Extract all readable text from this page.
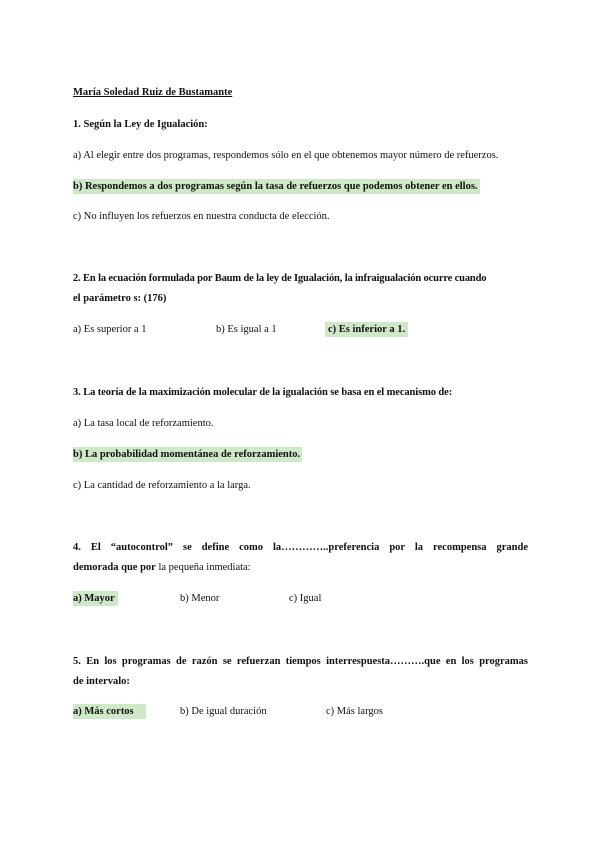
María Soledad Ruiz de Bustamante
1. Según la Ley de Igualación:
a) Al elegir entre dos programas, respondemos sólo en el que obtenemos mayor número de refuerzos.
b) Respondemos a dos programas según la tasa de refuerzos que podemos obtener en ellos.
c) No influyen los refuerzos en nuestra conducta de elección.
2. En la ecuación formulada por Baum de la ley de Igualación, la infraigualación ocurre cuando
el parámetro s: (176)
a) Es superior a 1	b) Es igual a 1	c) Es inferior a 1.
3. La teoría de la maximización molecular de la igualación se basa en el mecanismo de:
a) La tasa local de reforzamiento.
b) La probabilidad momentánea de reforzamiento.
c) La cantidad de reforzamiento a la larga.
4. El “autocontrol” se define como la…………..preferencia por la recompensa grande
demorada que por la pequeña inmediata:
a) Mayor	b) Menor	c) Igual
5. En los programas de razón se refuerzan tiempos interrespuesta……….que en los programas
de intervalo:
a) Más cortos	b) De igual duración	c) Más largos
